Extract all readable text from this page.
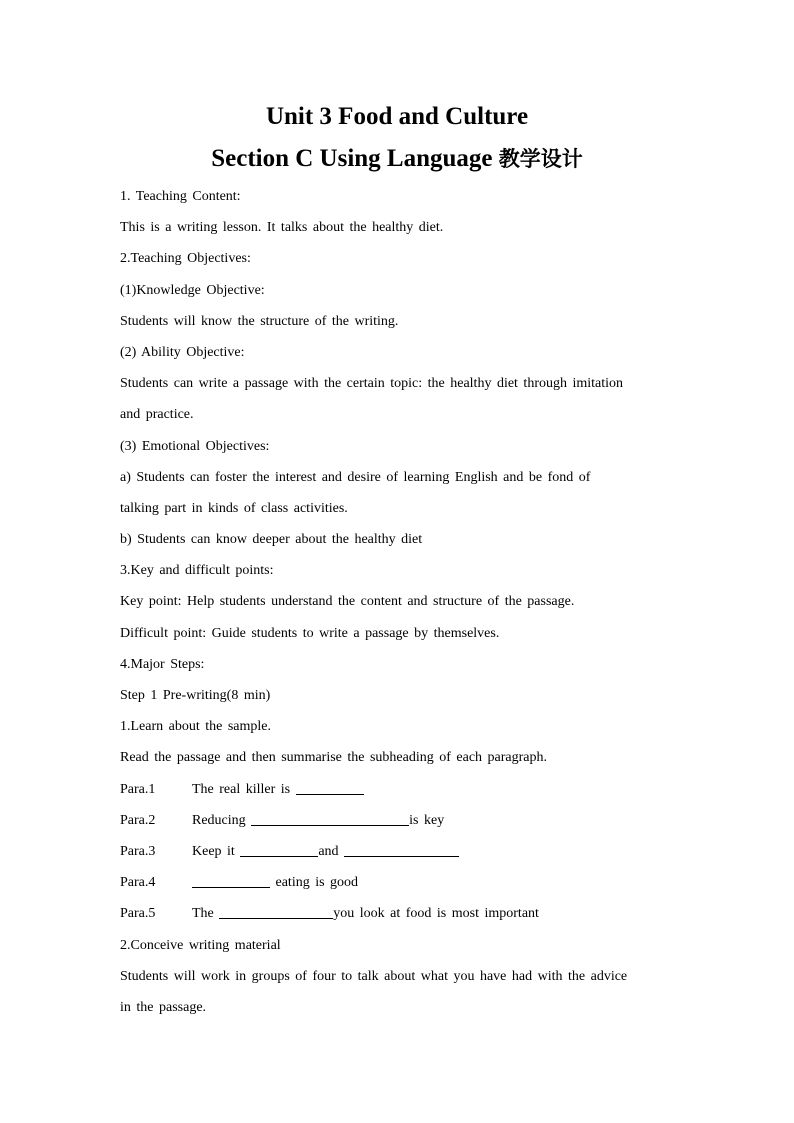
Unit 3 Food and Culture
Section C Using Language 教学设计
1. Teaching Content:
This is a writing lesson. It talks about the healthy diet.
2.Teaching Objectives:
(1)Knowledge Objective:
Students will know the structure of the writing.
(2) Ability Objective:
Students can write a passage with the certain topic: the healthy diet through imitation
and practice.
(3) Emotional Objectives:
a) Students can foster the interest and desire of learning English and be fond of
talking part in kinds of class activities.
b) Students can know deeper about the healthy diet
3.Key and difficult points:
Key point: Help students understand the content and structure of the passage.
Difficult point: Guide students to write a passage by themselves.
4.Major Steps:
Step 1 Pre-writing(8 min)
1.Learn about the sample.
Read the passage and then summarise the subheading of each paragraph.
Para.1	The real killer is
Para.2	Reducing	is key
Para.3	Keep it	and
Para.4	eating is good
Para.5	The	you look at food is most important
2.Conceive writing material
Students will work in groups of four to talk about what you have had with the advice
in the passage.
